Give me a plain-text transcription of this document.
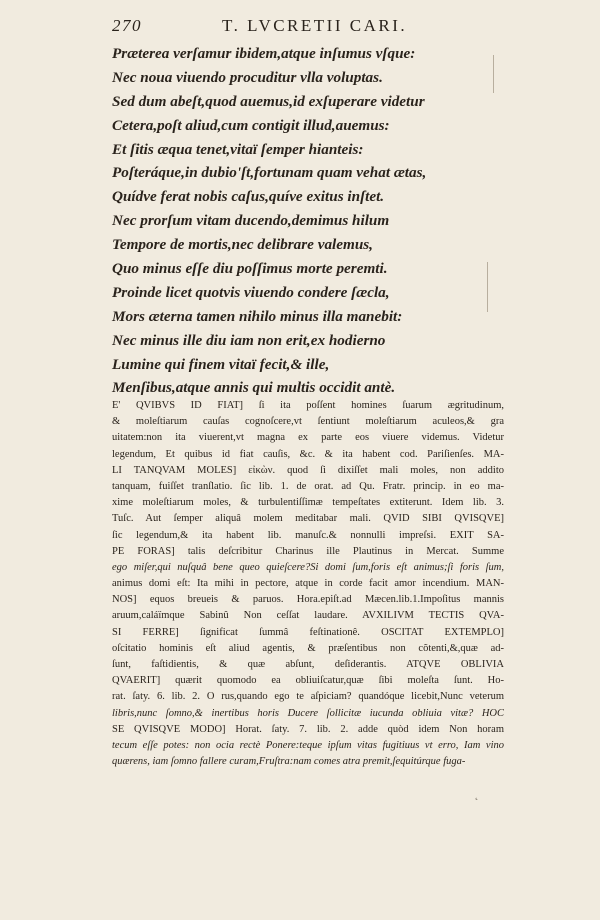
270	T. LVCRETII CARI.
Præterea verſamur ibidem,atque inſumus vſque:
Nec noua viuendo procuditur vlla voluptas.
Sed dum abeſt,quod auemus,id exſuperare videtur
Cetera,poſt aliud,cum contigit illud,auemus:
Et ſitis æqua tenet,vitaï ſemper hianteis:
Poſteráque,in dubio'ſt,fortunam quam vehat ætas,
Quídve ferat nobis caſus,quíve exitus inſtet.
Nec prorſum vitam ducendo,demimus hilum
Tempore de mortis,nec delibrare valemus,
Quo minus eſſe diu poſſimus morte peremti.
Proinde licet quotvis viuendo condere ſæcla,
Mors æterna tamen nihilo minus illa manebit:
Nec minus ille diu iam non erit,ex hodierno
Lumine qui finem vitaï fecit,& ille,
Menſibus,atque annis qui multis occidit antè.
E' QVIBVS ID FIAT] ſi ita poſſent homines ſuarum ægritudinum,
& moleſtiarum cauſas cognoſcere,vt ſentiunt moleſtiarum aculeos,& gra
uitatem:non ita viuerent,vt magna ex parte eos viuere videmus. Videtur
legendum, Et quibus id fiat cauſis, &c. & ita habent cod. Pariſienſes. MA-
LI TANQVAM MOLES] εἰκὼν. quod ſi dixiſſet mali moles, non addito
tanquam, fuiſſet tranſlatio. ſic lib. 1. de orat. ad Qu. Fratr. princip. in eo ma-
xime moleſtiarum moles, & turbulentiſſimæ tempeſtates extiterunt. Idem lib. 3.
Tuſc. Aut ſemper aliquâ molem meditabar mali. QVID SIBI QVISQVE]
ſic legendum,& ita habent lib. manuſc.& nonnulli impreſsi. EXIT SA-
PE FORAS] talis deſcribitur Charinus ille Plautinus in Mercat. Summe
ego miſer,qui nuſquâ bene queo quieſcere?Si domi ſum,foris eſt animus;ſi foris ſum,
animus domi eſt: Ita mihi in pectore, atque in corde facit amor incendium. MAN-
NOS] equos breueis & paruos. Hora.epiſt.ad Mæcen.lib.1.Impoſitus mannis
aruum,caláïmque Sabinû Non ceſſat laudare. AVXILIVM TECTIS QVA-
SI FERRE] ſignificat ſummâ feſtinationê. OSCITAT EXTEMPLO]
oſcitatio hominis eſt aliud agentis, & præſentibus non cõtenti,&,quæ ad-
ſunt, faſtidientis, & quæ abſunt, deſiderantis. ATQVE OBLIVIA
QVAERIT] quærit quomodo ea obliuiſcatur,quæ ſibi moleſta ſunt. Ho-
rat. ſaty. 6. lib. 2. O rus,quando ego te aſpiciam? quandóque licebit,Nunc veterum
libris,nunc ſomno,& inertibus horis Ducere ſollicitæ iucunda obliuia vitæ? HOC
SE QVISQVE MODO] Horat. ſaty. 7. lib. 2. adde quòd idem Non horam
tecum eſſe potes: non ocia rectè Ponere:teque ipſum vitas fugitiuus vt erro, Iam vino
quærens, iam ſomno fallere curam,Fruſtra:nam comes atra premit,ſequitúrque fuga-
˛
